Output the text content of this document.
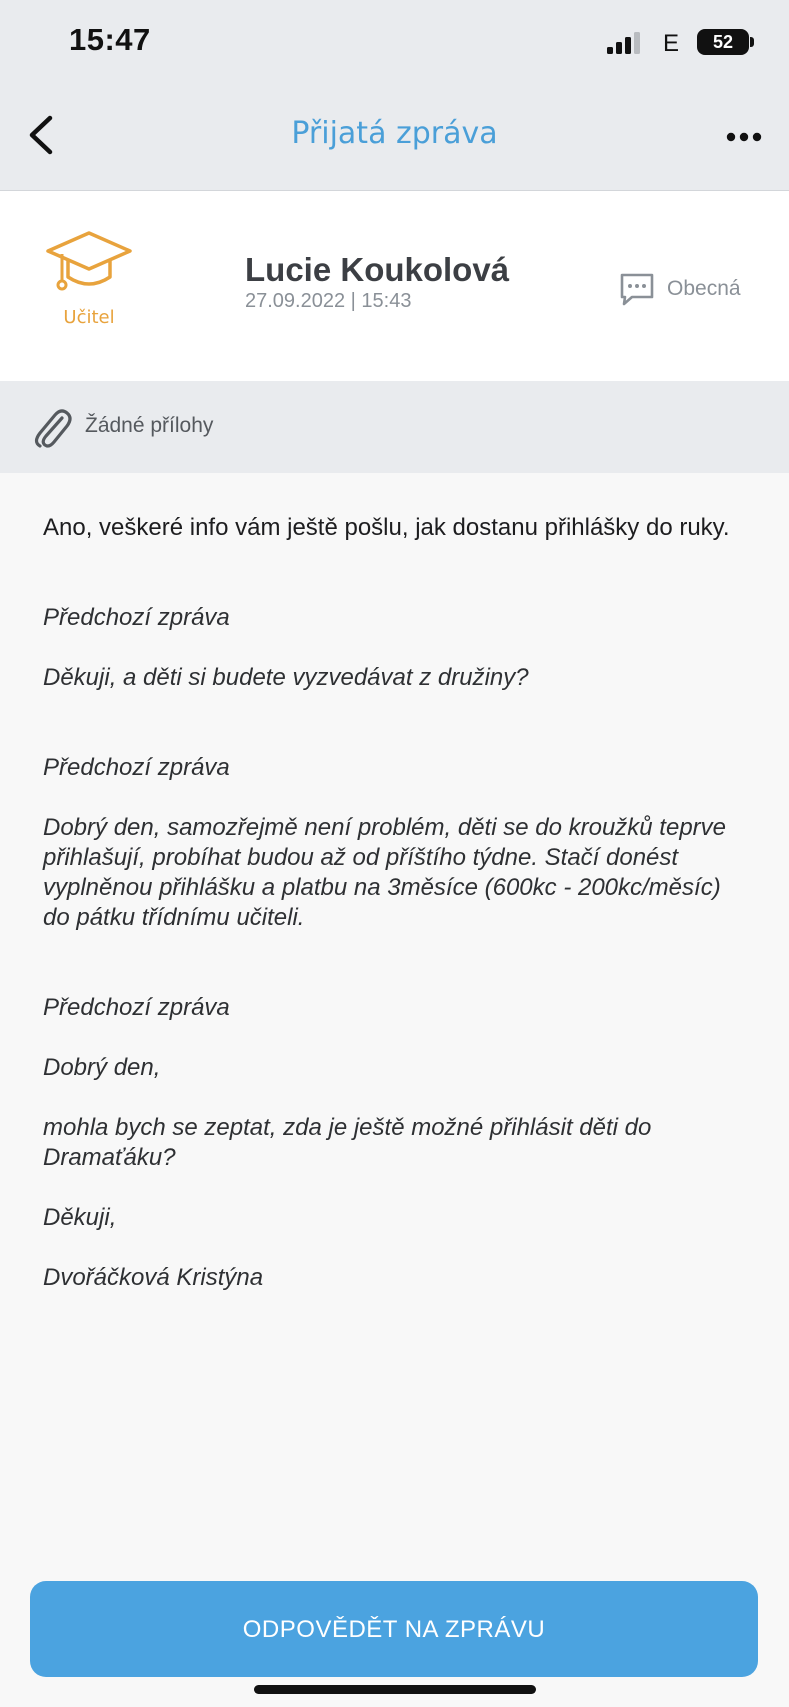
15:47	E	52
Přijatá zpráva
Učitel
Lucie Koukolová
27.09.2022 | 15:43
Obecná
Žádné přílohy

Ano, veškeré info vám ještě pošlu, jak dostanu přihlášky do ruky.

Předchozí zpráva

Děkuji, a děti si budete vyzvedávat z družiny?

Předchozí zpráva

Dobrý den, samozřejmě není problém, děti se do kroužků teprve přihlašují, probíhat budou až od příštího týdne. Stačí donést vyplněnou přihlášku a platbu na 3měsíce (600kc - 200kc/měsíc) do pátku třídnímu učiteli.

Předchozí zpráva

Dobrý den,

mohla bych se zeptat, zda je ještě možné přihlásit děti do Dramaťáku?

Děkuji,

Dvořáčková Kristýna

ODPOVĚDĚT NA ZPRÁVU
